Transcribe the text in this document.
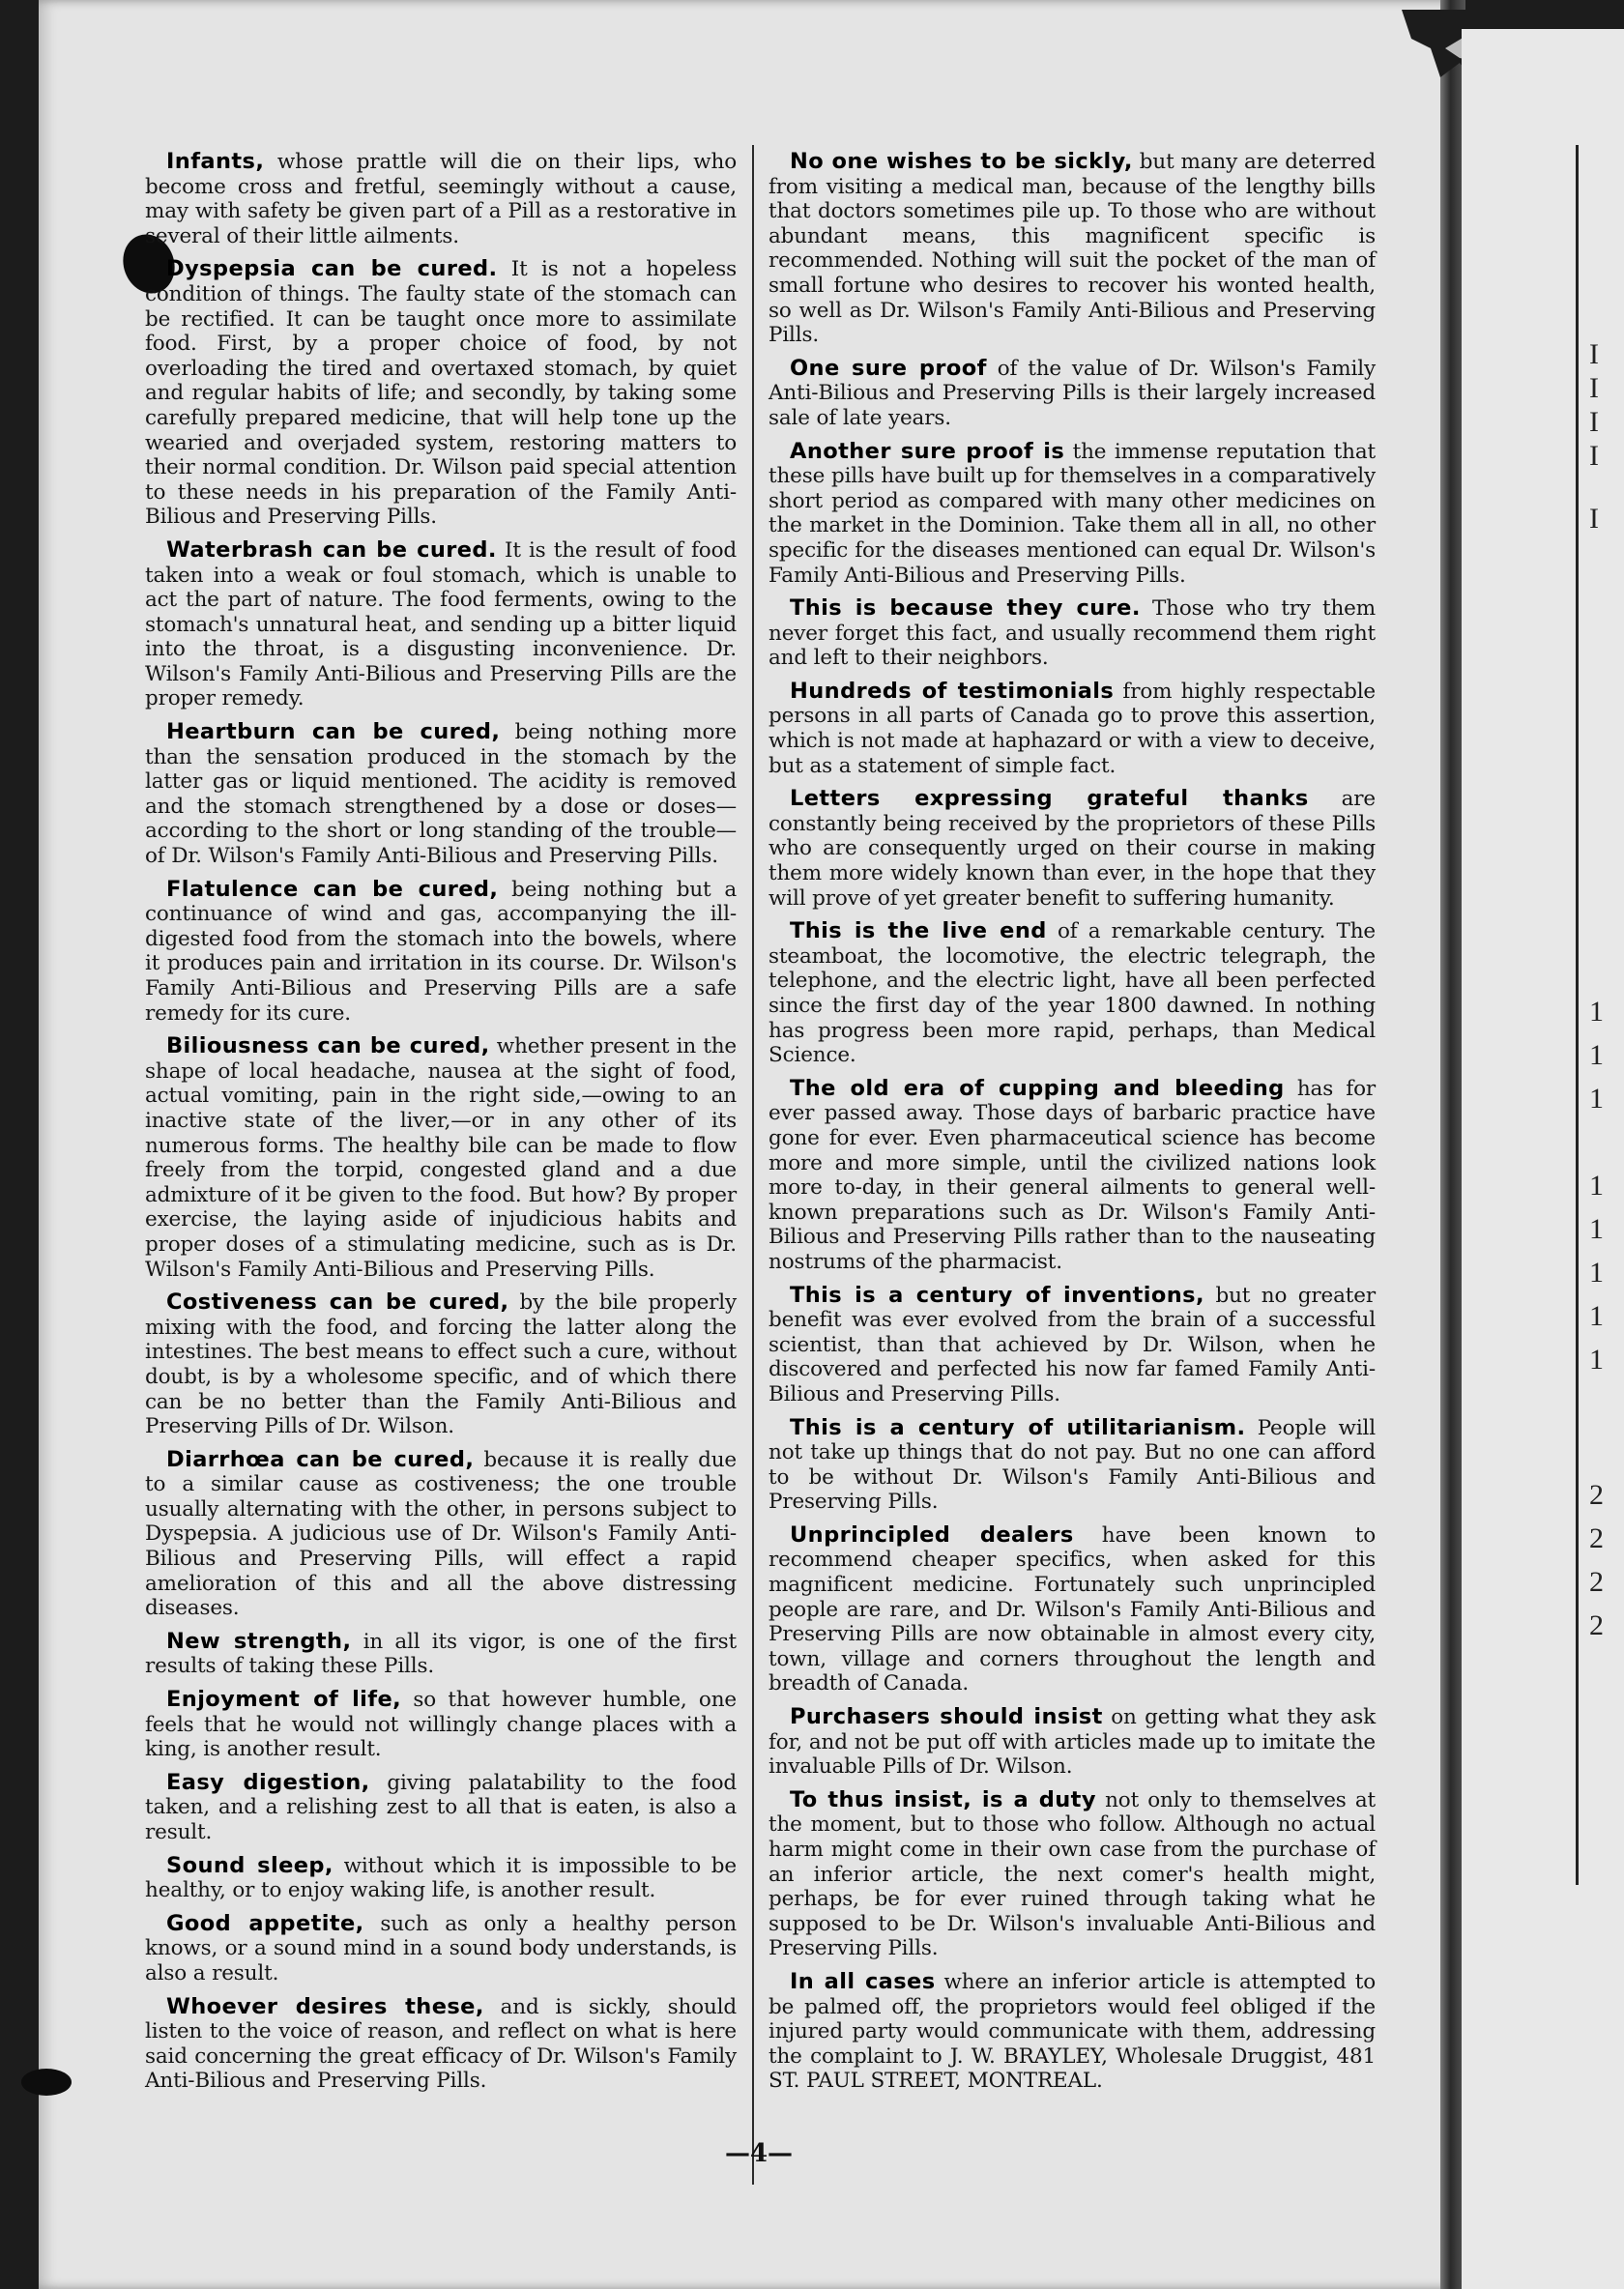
I
I
I
I
I
1
1
1
1
1
1
1
1
2
2
2
2

Infants, whose prattle will die on their lips, who become cross and fretful, seemingly without a cause, may with safety be given part of a Pill as a restorative in several of their little ailments.

Dyspepsia can be cured. It is not a hopeless condition of things. The faulty state of the stomach can be rectified. It can be taught once more to assimilate food. First, by a proper choice of food, by not overloading the tired and overtaxed stomach, by quiet and regular habits of life; and secondly, by taking some carefully prepared medicine, that will help tone up the wearied and overjaded system, restoring matters to their normal condition. Dr. Wilson paid special attention to these needs in his preparation of the Family Anti-Bilious and Preserving Pills.

Waterbrash can be cured. It is the result of food taken into a weak or foul stomach, which is unable to act the part of nature. The food ferments, owing to the stomach's unnatural heat, and sending up a bitter liquid into the throat, is a disgusting inconvenience. Dr. Wilson's Family Anti-Bilious and Preserving Pills are the proper remedy.

Heartburn can be cured, being nothing more than the sensation produced in the stomach by the latter gas or liquid mentioned. The acidity is removed and the stomach strengthened by a dose or doses—according to the short or long standing of the trouble—of Dr. Wilson's Family Anti-Bilious and Preserving Pills.

Flatulence can be cured, being nothing but a continuance of wind and gas, accompanying the ill-digested food from the stomach into the bowels, where it produces pain and irritation in its course. Dr. Wilson's Family Anti-Bilious and Preserving Pills are a safe remedy for its cure.

Biliousness can be cured, whether present in the shape of local headache, nausea at the sight of food, actual vomiting, pain in the right side,—owing to an inactive state of the liver,—or in any other of its numerous forms. The healthy bile can be made to flow freely from the torpid, congested gland and a due admixture of it be given to the food. But how? By proper exercise, the laying aside of injudicious habits and proper doses of a stimulating medicine, such as is Dr. Wilson's Family Anti-Bilious and Preserving Pills.

Costiveness can be cured, by the bile properly mixing with the food, and forcing the latter along the intestines. The best means to effect such a cure, without doubt, is by a wholesome specific, and of which there can be no better than the Family Anti-Bilious and Preserving Pills of Dr. Wilson.

Diarrhœa can be cured, because it is really due to a similar cause as costiveness; the one trouble usually alternating with the other, in persons subject to Dyspepsia. A judicious use of Dr. Wilson's Family Anti-Bilious and Preserving Pills, will effect a rapid amelioration of this and all the above distressing diseases.

New strength, in all its vigor, is one of the first results of taking these Pills.

Enjoyment of life, so that however humble, one feels that he would not willingly change places with a king, is another result.

Easy digestion, giving palatability to the food taken, and a relishing zest to all that is eaten, is also a result.

Sound sleep, without which it is impossible to be healthy, or to enjoy waking life, is another result.

Good appetite, such as only a healthy person knows, or a sound mind in a sound body understands, is also a result.

Whoever desires these, and is sickly, should listen to the voice of reason, and reflect on what is here said concerning the great efficacy of Dr. Wilson's Family Anti-Bilious and Preserving Pills.

No one wishes to be sickly, but many are deterred from visiting a medical man, because of the lengthy bills that doctors sometimes pile up. To those who are without abundant means, this magnificent specific is recommended. Nothing will suit the pocket of the man of small fortune who desires to recover his wonted health, so well as Dr. Wilson's Family Anti-Bilious and Preserving Pills.

One sure proof of the value of Dr. Wilson's Family Anti-Bilious and Preserving Pills is their largely increased sale of late years.

Another sure proof is the immense reputation that these pills have built up for themselves in a comparatively short period as compared with many other medicines on the market in the Dominion. Take them all in all, no other specific for the diseases mentioned can equal Dr. Wilson's Family Anti-Bilious and Preserving Pills.

This is because they cure. Those who try them never forget this fact, and usually recommend them right and left to their neighbors.

Hundreds of testimonials from highly respectable persons in all parts of Canada go to prove this assertion, which is not made at haphazard or with a view to deceive, but as a statement of simple fact.

Letters expressing grateful thanks are constantly being received by the proprietors of these Pills who are consequently urged on their course in making them more widely known than ever, in the hope that they will prove of yet greater benefit to suffering humanity.

This is the live end of a remarkable century. The steamboat, the locomotive, the electric telegraph, the telephone, and the electric light, have all been perfected since the first day of the year 1800 dawned. In nothing has progress been more rapid, perhaps, than Medical Science.

The old era of cupping and bleeding has for ever passed away. Those days of barbaric practice have gone for ever. Even pharmaceutical science has become more and more simple, until the civilized nations look more to-day, in their general ailments to general well-known preparations such as Dr. Wilson's Family Anti-Bilious and Preserving Pills rather than to the nauseating nostrums of the pharmacist.

This is a century of inventions, but no greater benefit was ever evolved from the brain of a successful scientist, than that achieved by Dr. Wilson, when he discovered and perfected his now far famed Family Anti-Bilious and Preserving Pills.

This is a century of utilitarianism. People will not take up things that do not pay. But no one can afford to be without Dr. Wilson's Family Anti-Bilious and Preserving Pills.

Unprincipled dealers have been known to recommend cheaper specifics, when asked for this magnificent medicine. Fortunately such unprincipled people are rare, and Dr. Wilson's Family Anti-Bilious and Preserving Pills are now obtainable in almost every city, town, village and corners throughout the length and breadth of Canada.

Purchasers should insist on getting what they ask for, and not be put off with articles made up to imitate the invaluable Pills of Dr. Wilson.

To thus insist, is a duty not only to themselves at the moment, but to those who follow. Although no actual harm might come in their own case from the purchase of an inferior article, the next comer's health might, perhaps, be for ever ruined through taking what he supposed to be Dr. Wilson's invaluable Anti-Bilious and Preserving Pills.

In all cases where an inferior article is attempted to be palmed off, the proprietors would feel obliged if the injured party would communicate with them, addressing the complaint to J. W. BRAYLEY, Wholesale Druggist, 481 ST. PAUL STREET, MONTREAL.

—4—
